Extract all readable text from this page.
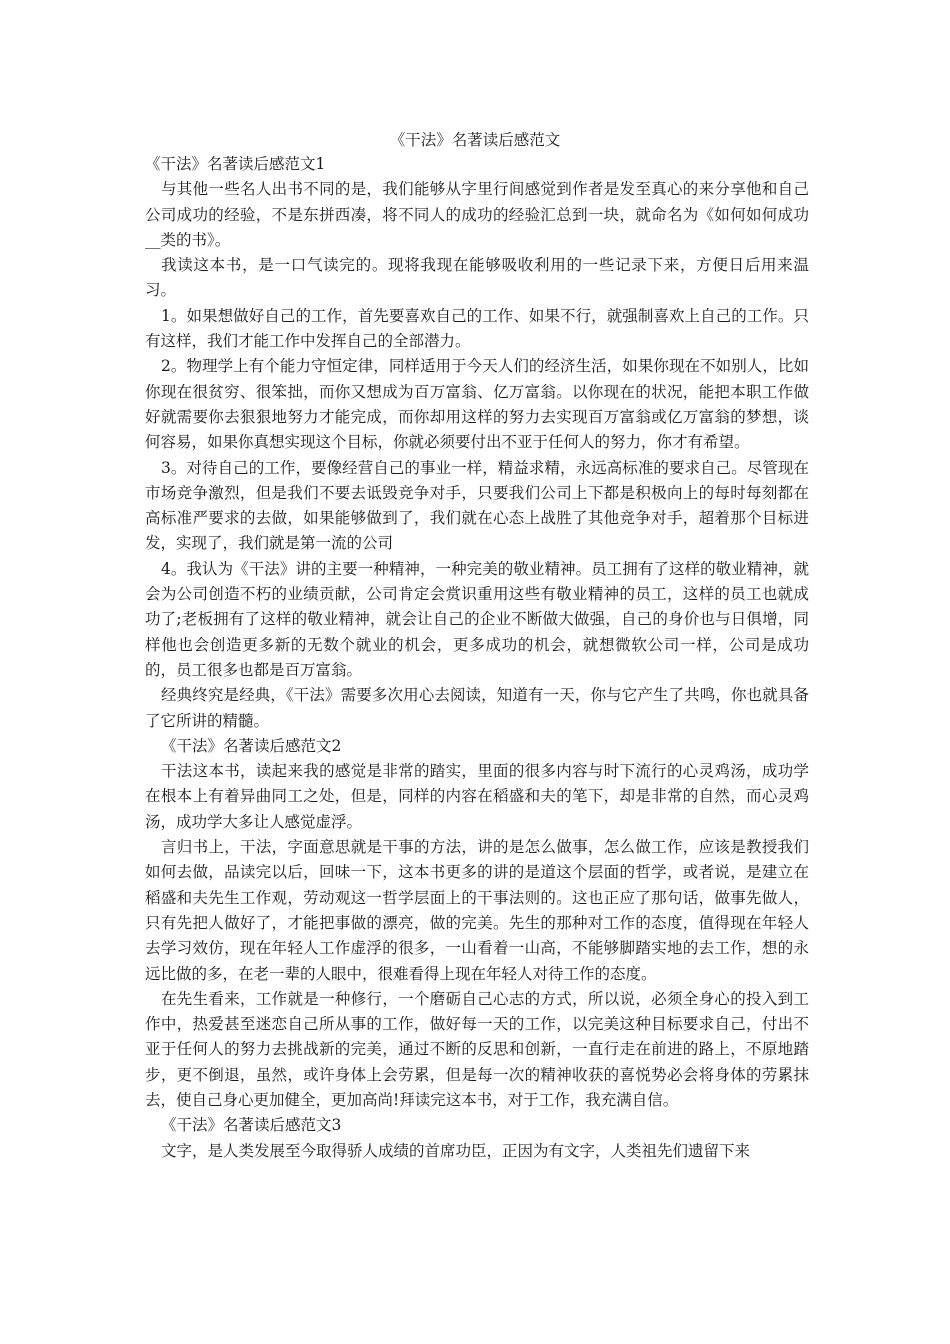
《干法》名著读后感范文

《干法》名著读后感范文1

与其他一些名人出书不同的是，我们能够从字里行间感觉到作者是发至真心的来分享他和自己公司成功的经验，不是东拼西凑，将不同人的成功的经验汇总到一块，就命名为《如何如何成功__类的书》。

我读这本书，是一口气读完的。现将我现在能够吸收利用的一些记录下来，方便日后用来温习。

1。如果想做好自己的工作，首先要喜欢自己的工作、如果不行，就强制喜欢上自己的工作。只有这样，我们才能工作中发挥自己的全部潜力。

2。物理学上有个能力守恒定律，同样适用于今天人们的经济生活，如果你现在不如别人，比如你现在很贫穷、很笨拙，而你又想成为百万富翁、亿万富翁。以你现在的状况，能把本职工作做好就需要你去狠狠地努力才能完成，而你却用这样的努力去实现百万富翁或亿万富翁的梦想，谈何容易，如果你真想实现这个目标，你就必须要付出不亚于任何人的努力，你才有希望。

3。对待自己的工作，要像经营自己的事业一样，精益求精，永远高标准的要求自己。尽管现在市场竞争激烈，但是我们不要去诋毁竞争对手，只要我们公司上下都是积极向上的每时每刻都在高标准严要求的去做，如果能够做到了，我们就在心态上战胜了其他竞争对手，超着那个目标进发，实现了，我们就是第一流的公司

4。我认为《干法》讲的主要一种精神，一种完美的敬业精神。员工拥有了这样的敬业精神，就会为公司创造不朽的业绩贡献，公司肯定会赏识重用这些有敬业精神的员工，这样的员工也就成功了;老板拥有了这样的敬业精神，就会让自己的企业不断做大做强，自己的身价也与日俱增，同样他也会创造更多新的无数个就业的机会，更多成功的机会，就想微软公司一样，公司是成功的，员工很多也都是百万富翁。

经典终究是经典，《干法》需要多次用心去阅读，知道有一天，你与它产生了共鸣，你也就具备了它所讲的精髓。

《干法》名著读后感范文2

干法这本书，读起来我的感觉是非常的踏实，里面的很多内容与时下流行的心灵鸡汤，成功学在根本上有着异曲同工之处，但是，同样的内容在稻盛和夫的笔下，却是非常的自然，而心灵鸡汤，成功学大多让人感觉虚浮。

言归书上，干法，字面意思就是干事的方法，讲的是怎么做事，怎么做工作，应该是教授我们如何去做，品读完以后，回味一下，这本书更多的讲的是道这个层面的哲学，或者说，是建立在稻盛和夫先生工作观，劳动观这一哲学层面上的干事法则的。这也正应了那句话，做事先做人，只有先把人做好了，才能把事做的漂亮，做的完美。先生的那种对工作的态度，值得现在年轻人去学习效仿，现在年轻人工作虚浮的很多，一山看着一山高，不能够脚踏实地的去工作，想的永远比做的多，在老一辈的人眼中，很难看得上现在年轻人对待工作的态度。

在先生看来，工作就是一种修行，一个磨砺自己心志的方式，所以说，必须全身心的投入到工作中，热爱甚至迷恋自己所从事的工作，做好每一天的工作，以完美这种目标要求自己，付出不亚于任何人的努力去挑战新的完美，通过不断的反思和创新，一直行走在前进的路上，不原地踏步，更不倒退，虽然，或许身体上会劳累，但是每一次的精神收获的喜悦势必会将身体的劳累抹去，使自己身心更加健全，更加高尚!拜读完这本书，对于工作，我充满自信。

《干法》名著读后感范文3

文字，是人类发展至今取得骄人成绩的首席功臣，正因为有文字，人类祖先们遗留下来
